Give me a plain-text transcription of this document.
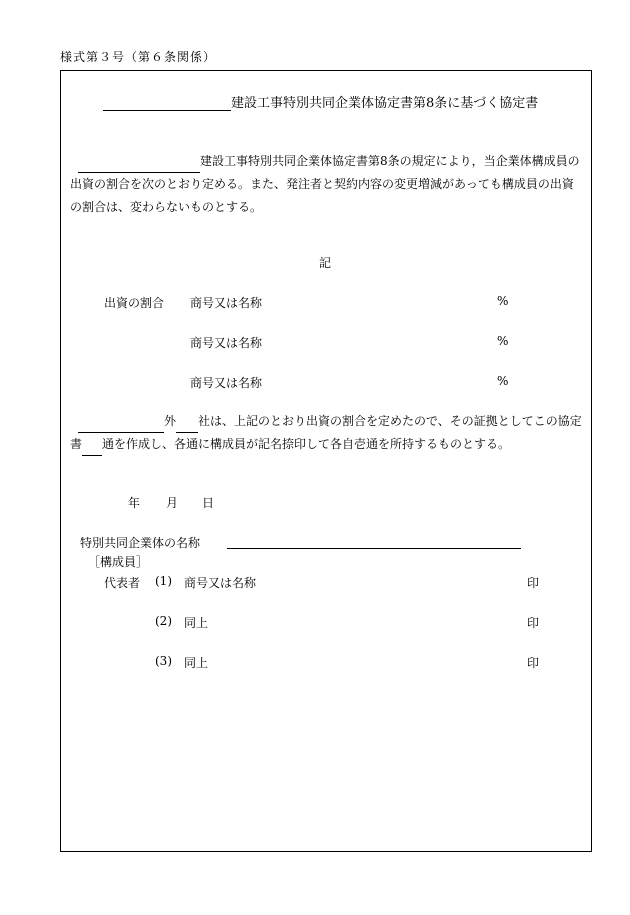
様式第３号（第６条関係）
建設工事特別共同企業体協定書第8条に基づく協定書
建設工事特別共同企業体協定書第8条の規定により，当企業体構成員の
出資の割合を次のとおり定める。また、発注者と契約内容の変更増減があっても構成員の出資
の割合は、変わらないものとする。
記
出資の割合 商号又は名称	%
商号又は名称	%
商号又は名称	%
外 社は、上記のとおり出資の割合を定めたので、その証拠としてこの協定
書 通を作成し、各通に構成員が記名捺印して各自壱通を所持するものとする。
年 月 日
特別共同企業体の名称
［構成員］
代表者 (1) 商号又は名称	印
(2) 同上	印
(3) 同上	印
